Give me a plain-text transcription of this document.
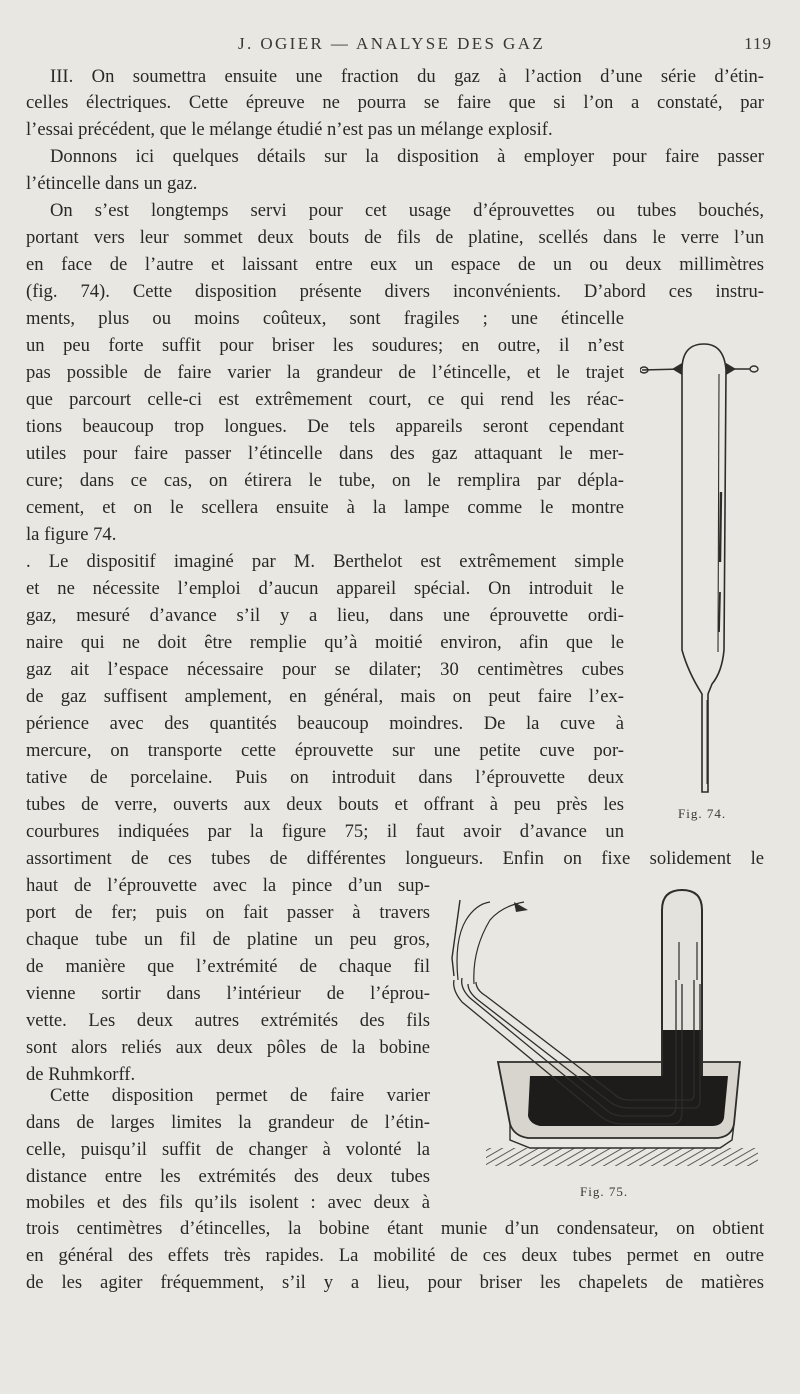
J. OGIER — ANALYSE DES GAZ	119
III. On soumettra ensuite une fraction du gaz à l’action d’une série d’étin-
celles électriques. Cette épreuve ne pourra se faire que si l’on a constaté, par
l’essai précédent, que le mélange étudié n’est pas un mélange explosif.
Donnons ici quelques détails sur la disposition à employer pour faire passer
l’étincelle dans un gaz.
On s’est longtemps servi pour cet usage d’éprouvettes ou tubes bouchés,
portant vers leur sommet deux bouts de fils de platine, scellés dans le verre l’un
en face de l’autre et laissant entre eux un espace de un ou deux millimètres
(fig. 74). Cette disposition présente divers inconvénients. D’abord ces instru-
ments, plus ou moins coûteux, sont fragiles ; une étincelle
un peu forte suffit pour briser les soudures; en outre, il n’est
pas possible de faire varier la grandeur de l’étincelle, et le trajet
que parcourt celle-ci est extrêmement court, ce qui rend les réac-
tions beaucoup trop longues. De tels appareils seront cependant
utiles pour faire passer l’étincelle dans des gaz attaquant le mer-
cure; dans ce cas, on étirera le tube, on le remplira par dépla-
cement, et on le scellera ensuite à la lampe comme le montre
la figure 74.
. Le dispositif imaginé par M. Berthelot est extrêmement simple
et ne nécessite l’emploi d’aucun appareil spécial. On introduit le
gaz, mesuré d’avance s’il y a lieu, dans une éprouvette ordi-
naire qui ne doit être remplie qu’à moitié environ, afin que le
gaz ait l’espace nécessaire pour se dilater; 30 centimètres cubes
de gaz suffisent amplement, en général, mais on peut faire l’ex-
périence avec des quantités beaucoup moindres. De la cuve à
mercure, on transporte cette éprouvette sur une petite cuve por-
tative de porcelaine. Puis on introduit dans l’éprouvette deux
tubes de verre, ouverts aux deux bouts et offrant à peu près les
courbures indiquées par la figure 75; il faut avoir d’avance un
assortiment de ces tubes de différentes longueurs. Enfin on fixe solidement le
haut de l’éprouvette avec la pince d’un sup-
port de fer; puis on fait passer à travers
chaque tube un fil de platine un peu gros,
de manière que l’extrémité de chaque fil
vienne sortir dans l’intérieur de l’éprou-
vette. Les deux autres extrémités des fils
sont alors reliés aux deux pôles de la bobine
de Ruhmkorff.
Cette disposition permet de faire varier
dans de larges limites la grandeur de l’étin-
celle, puisqu’il suffit de changer à volonté la
distance entre les extrémités des deux tubes
mobiles et des fils qu’ils isolent : avec deux à
trois centimètres d’étincelles, la bobine étant munie d’un condensateur, on obtient
en général des effets très rapides. La mobilité de ces deux tubes permet en outre
de les agiter fréquemment, s’il y a lieu, pour briser les chapelets de matières
Fig. 74.
Fig. 75.
